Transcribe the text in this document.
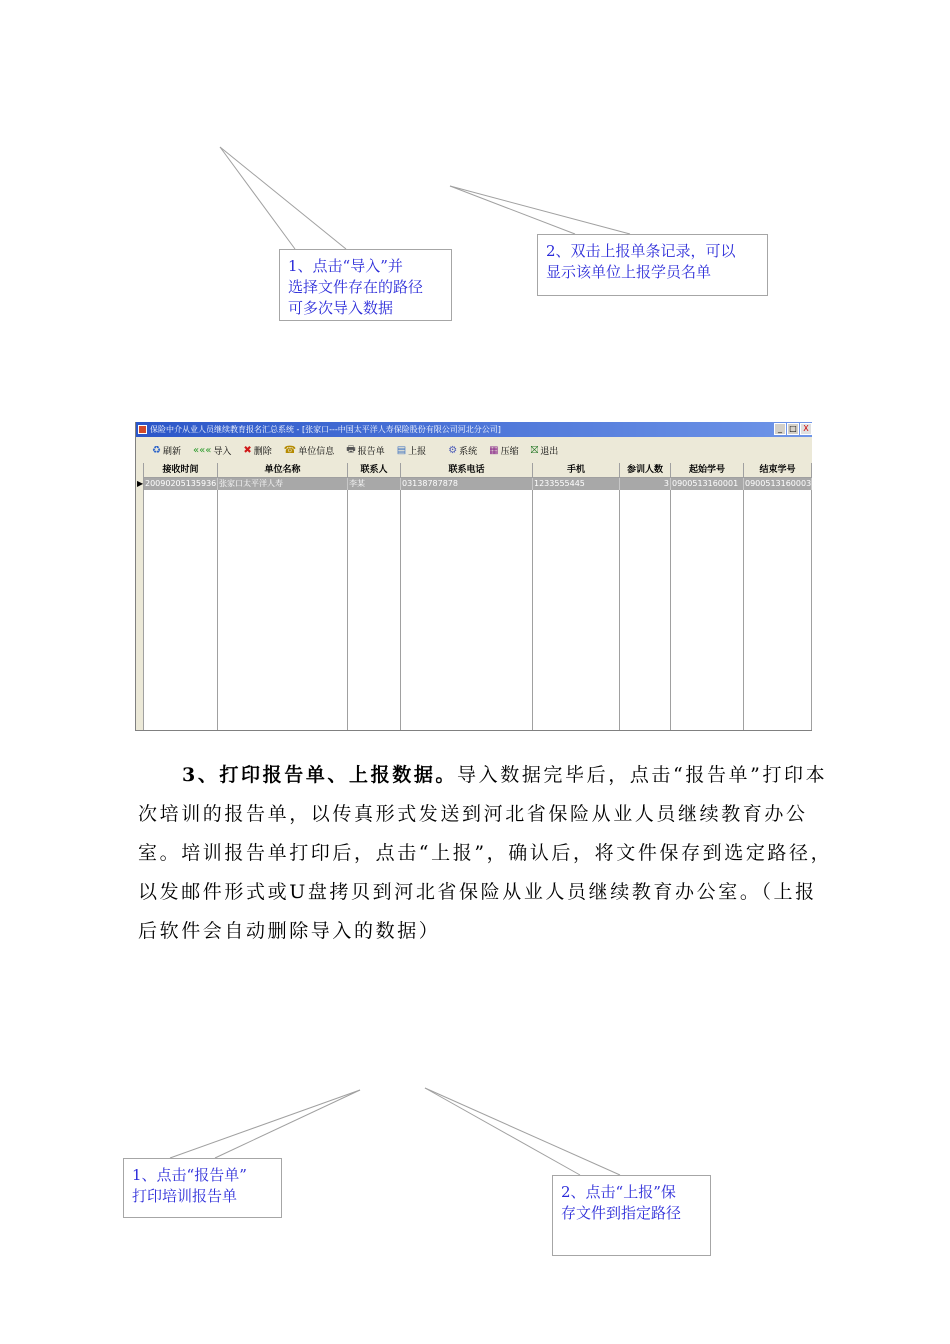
1、点击“导入”并
选择文件存在的路径
可多次导入数据
2、双击上报单条记录，可以
显示该单位上报学员名单
保险中介从业人员继续教育报名汇总系统 - [张家口---中国太平洋人寿保险股份有限公司河北分公司]	_ □ X
♻ 刷新 ««« 导入 ✖ 删除 ☎ 单位信息 🖶 报告单 ▤ 上报 ⚙ 系统 ▦ 压缩 ⛝ 退出
▶
接收时间	单位名称	联系人	联系电话	手机	参训人数	起始学号	结束学号
20090205135936 张家口太平洋人寿	李某	03138787878	1233555445	3 0900513160001 0900513160003
3、打印报告单、上报数据。导入数据完毕后，点击“报告单”打印本次培训的报告单，以传真形式发送到河北省保险从业人员继续教育办公室。培训报告单打印后，点击“上报”，确认后，将文件保存到选定路径，以发邮件形式或U盘拷贝到河北省保险从业人员继续教育办公室。（上报后软件会自动删除导入的数据）
1、点击“报告单”
打印培训报告单	2、点击“上报”保
存文件到指定路径
